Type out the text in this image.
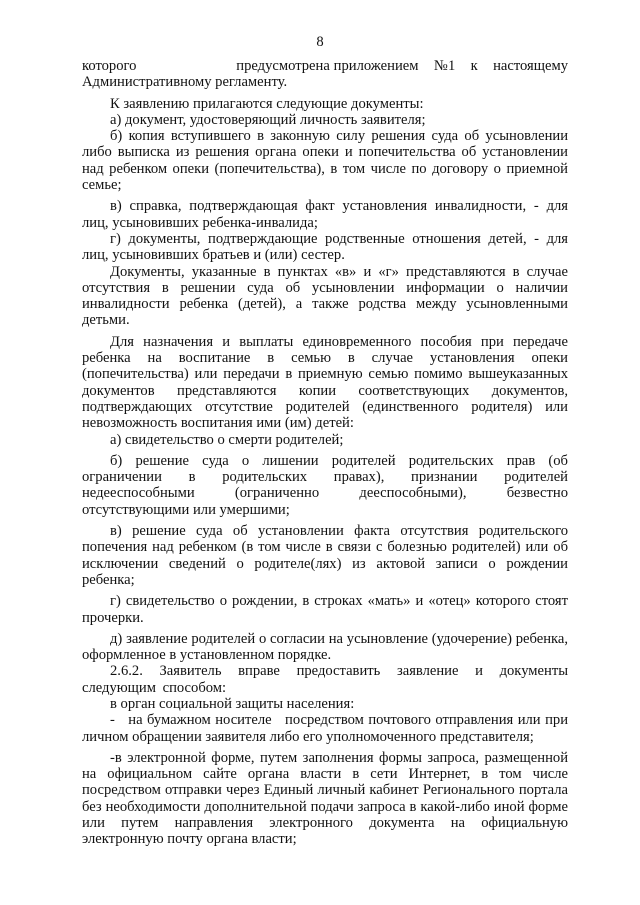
8

которого                          предусмотрена приложением    №1    к    настоящему Административному регламенту.

К заявлению прилагаются следующие документы:

а) документ, удостоверяющий личность заявителя;

б) копия вступившего в законную силу решения суда об усыновлении либо выписка из решения органа опеки и попечительства об установлении над ребенком опеки (попечительства), в том числе по договору о приемной семье;

в) справка, подтверждающая факт установления инвалидности, - для лиц, усыновивших ребенка-инвалида;

г) документы, подтверждающие родственные отношения детей, - для лиц, усыновивших братьев и (или) сестер.

Документы, указанные в пунктах «в» и «г» представляются в случае отсутствия в решении суда об усыновлении информации о наличии инвалидности ребенка (детей), а также родства между усыновленными детьми.

Для назначения и выплаты единовременного пособия при передаче ребенка на воспитание в семью в случае установления опеки (попечительства) или передачи в приемную семью помимо вышеуказанных документов представляются копии соответствующих документов, подтверждающих отсутствие родителей (единственного родителя) или невозможность воспитания ими (им) детей:

а) свидетельство о смерти родителей;

б) решение суда о лишении родителей родительских прав (об ограничении в родительских правах), признании родителей недееспособными (ограниченно дееспособными), безвестно отсутствующими или умершими;

в) решение суда об установлении факта отсутствия родительского попечения над ребенком (в том числе в связи с болезнью родителей) или об исключении сведений о родителе(лях) из актовой записи о рождении ребенка;

г) свидетельство о рождении, в строках «мать» и «отец» которого стоят прочерки.

д) заявление родителей о согласии на усыновление (удочерение) ребенка, оформленное в установленном порядке.

2.6.2. Заявитель вправе предоставить заявление и документы следующим способом:

в орган социальной защиты населения:

-   на бумажном носителе   посредством почтового отправления или при личном обращении заявителя либо его уполномоченного представителя;

-в электронной форме, путем заполнения формы запроса, размещенной на официальном сайте органа власти в сети Интернет, в том числе посредством отправки через Единый личный кабинет Регионального портала без необходимости дополнительной подачи запроса в какой-либо иной форме   или путем направления электронного документа на официальную электронную почту органа власти;
